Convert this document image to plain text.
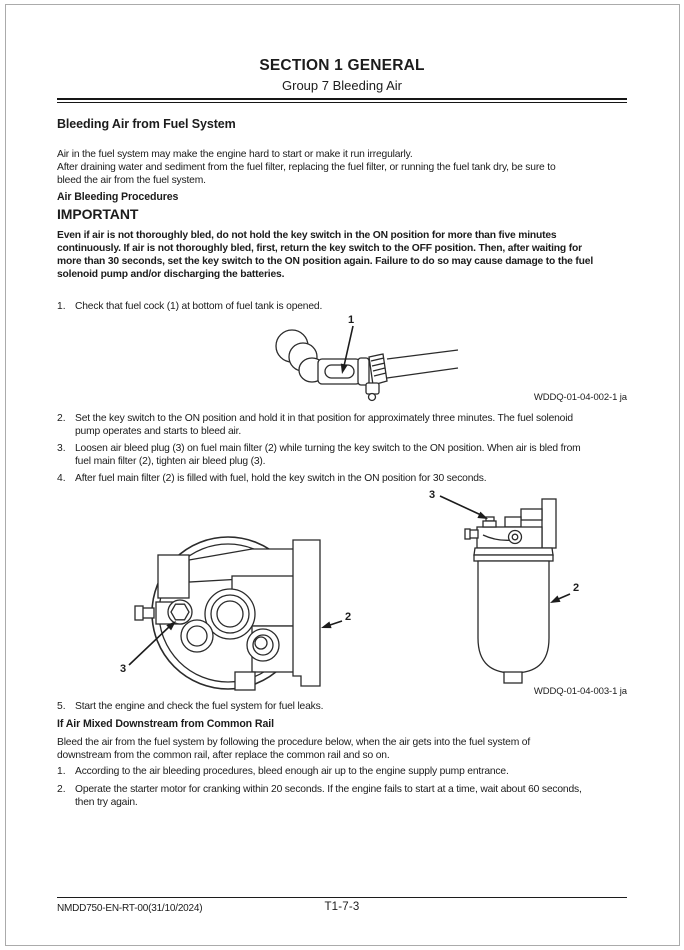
SECTION 1 GENERAL
Group 7 Bleeding Air
Bleeding Air from Fuel System
Air in the fuel system may make the engine hard to start or make it run irregularly.
After draining water and sediment from the fuel filter, replacing the fuel filter, or running the fuel tank dry, be sure to
bleed the air from the fuel system.
Air Bleeding Procedures
IMPORTANT
Even if air is not thoroughly bled, do not hold the key switch in the ON position for more than five minutes
continuously. If air is not thoroughly bled, first, return the key switch to the OFF position. Then, after waiting for
more than 30 seconds, set the key switch to the ON position again. Failure to do so may cause damage to the fuel
solenoid pump and/or discharging the batteries.
1. Check that fuel cock (1) at bottom of fuel tank is opened.
1
WDDQ-01-04-002-1 ja
2. Set the key switch to the ON position and hold it in that position for approximately three minutes. The fuel solenoid
pump operates and starts to bleed air.
3. Loosen air bleed plug (3) on fuel main filter (2) while turning the key switch to the ON position. When air is bled from
fuel main filter (2), tighten air bleed plug (3).
4. After fuel main filter (2) is filled with fuel, hold the key switch in the ON position for 30 seconds.
3
2
3
2
WDDQ-01-04-003-1 ja
5. Start the engine and check the fuel system for fuel leaks.
If Air Mixed Downstream from Common Rail
Bleed the air from the fuel system by following the procedure below, when the air gets into the fuel system of
downstream from the common rail, after replace the common rail and so on.
1. According to the air bleeding procedures, bleed enough air up to the engine supply pump entrance.
2. Operate the starter motor for cranking within 20 seconds. If the engine fails to start at a time, wait about 60 seconds,
then try again.
NMDD750-EN-RT-00(31/10/2024)	T1-7-3
